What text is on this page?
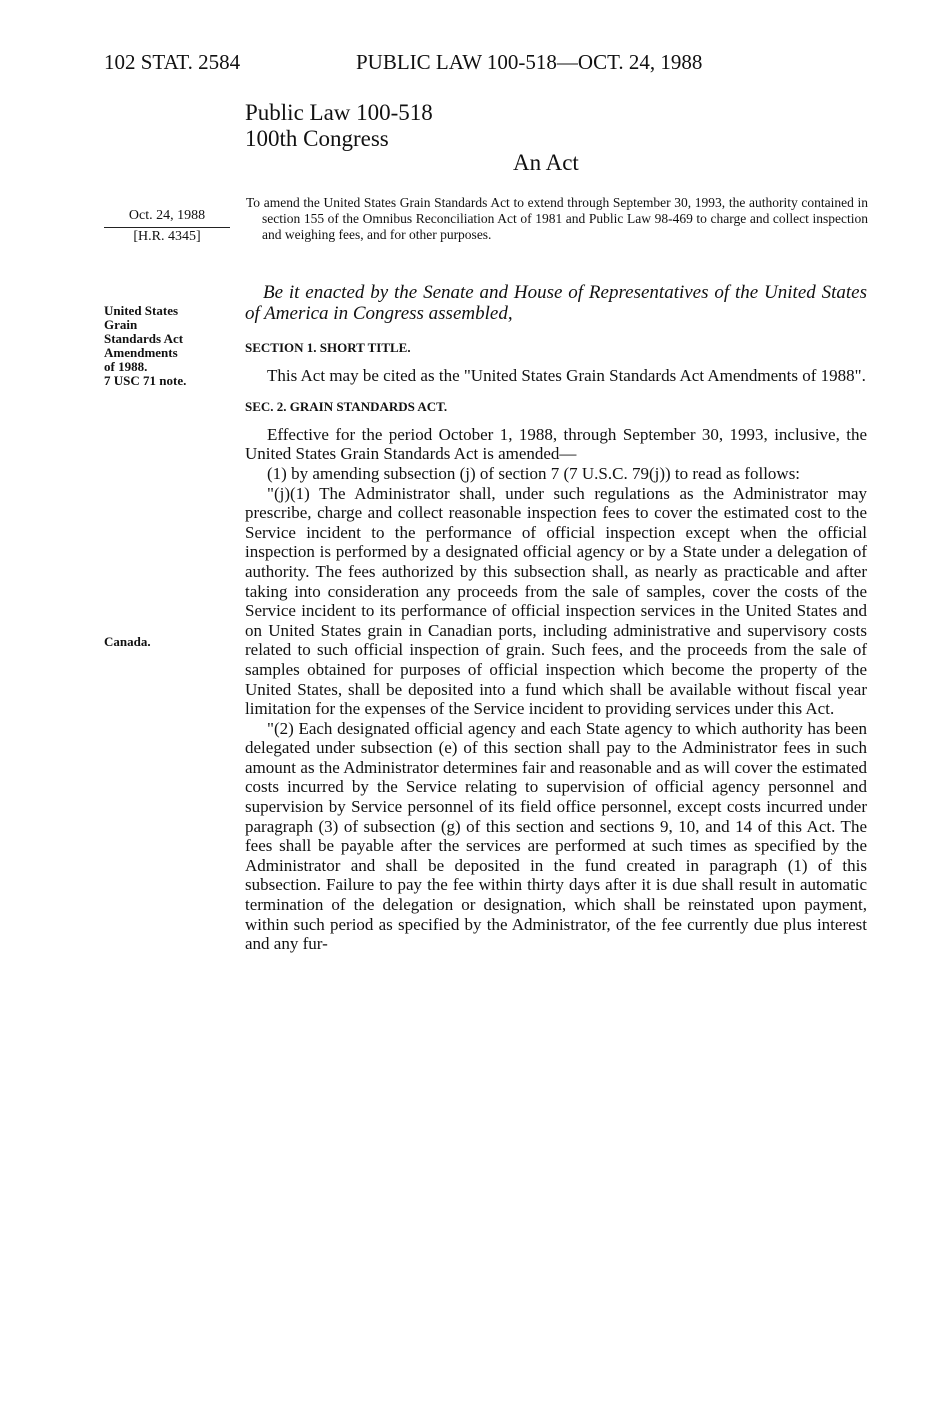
102 STAT. 2584	PUBLIC LAW 100-518—OCT. 24, 1988
Public Law 100-518
100th Congress
An Act
Oct. 24, 1988
[H.R. 4345]
United States
Grain
Standards Act
Amendments
of 1988.
7 USC 71 note.
Canada.

To amend the United States Grain Standards Act to extend through September 30, 1993, the authority contained in section 155 of the Omnibus Reconciliation Act of 1981 and Public Law 98-469 to charge and collect inspection and weighing fees, and for other purposes.

Be it enacted by the Senate and House of Representatives of the United States of America in Congress assembled,

SECTION 1. SHORT TITLE.

This Act may be cited as the "United States Grain Standards Act Amendments of 1988".

SEC. 2. GRAIN STANDARDS ACT.

Effective for the period October 1, 1988, through September 30, 1993, inclusive, the United States Grain Standards Act is amended—

(1) by amending subsection (j) of section 7 (7 U.S.C. 79(j)) to read as follows:

"(j)(1) The Administrator shall, under such regulations as the Administrator may prescribe, charge and collect reasonable inspection fees to cover the estimated cost to the Service incident to the performance of official inspection except when the official inspection is performed by a designated official agency or by a State under a delegation of authority. The fees authorized by this subsection shall, as nearly as practicable and after taking into consideration any proceeds from the sale of samples, cover the costs of the Service incident to its performance of official inspection services in the United States and on United States grain in Canadian ports, including administrative and supervisory costs related to such official inspection of grain. Such fees, and the proceeds from the sale of samples obtained for purposes of official inspection which become the property of the United States, shall be deposited into a fund which shall be available without fiscal year limitation for the expenses of the Service incident to providing services under this Act.

"(2) Each designated official agency and each State agency to which authority has been delegated under subsection (e) of this section shall pay to the Administrator fees in such amount as the Administrator determines fair and reasonable and as will cover the estimated costs incurred by the Service relating to supervision of official agency personnel and supervision by Service personnel of its field office personnel, except costs incurred under paragraph (3) of subsection (g) of this section and sections 9, 10, and 14 of this Act. The fees shall be payable after the services are performed at such times as specified by the Administrator and shall be deposited in the fund created in paragraph (1) of this subsection. Failure to pay the fee within thirty days after it is due shall result in automatic termination of the delegation or designation, which shall be reinstated upon payment, within such period as specified by the Administrator, of the fee currently due plus interest and any fur-
